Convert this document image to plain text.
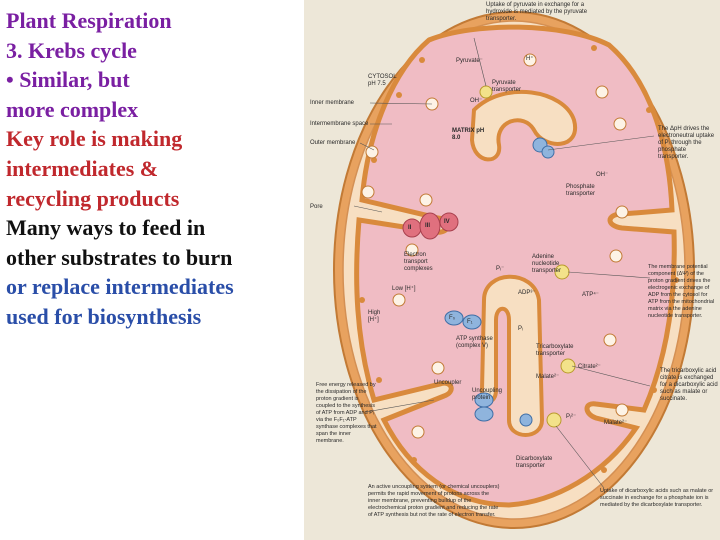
Plant Respiration
3. Krebs cycle
• Similar, but
more complex
Key role is making
intermediates &
recycling products
Many ways to feed in
other substrates to burn
or replace intermediates
used for biosynthesis
Uptake of pyruvate in exchange for a hydroxide is mediated by the pyruvate transporter.
CYTOSOL pH 7.5
Pyruvate⁻
Pyruvate transporter
OH⁻
Inner membrane
Intermembrane space
Outer membrane
MATRIX pH 8.0
The ΔpH drives the electroneutral uptake of Pᵢ through the phosphate transporter.
OH⁻
Phosphate transporter
Pore
Electron transport complexes	Pᵢ⁻
Adenine nucleotide transporter
The membrane potential component (ΔΨ) of the proton gradient drives the electrogenic exchange of ADP from the cytosol for ATP from the mitochondrial matrix via the adenine nucleotide transporter.
Low [H⁺]
ADP³⁻	ATP⁴⁻
High [H⁺]
Pᵢ
ATP synthase (complex V)	Tricarboxylate transporter
Malate²⁻
Citrate²⁻
The tricarboxylic acid citrate is exchanged for a dicarboxylic acid such as malate or succinate.
Free energy released by the dissipation of the proton gradient is coupled to the synthesis of ATP from ADP and Pᵢ via the F₀F₁-ATP synthase complexes that span the inner membrane.
Uncoupler
Uncoupling protein
Pᵢ²⁻
Malate²⁻
Dicarboxylate transporter
An active uncoupling system (or chemical uncouplers) permits the rapid movement of protons across the inner membrane, preventing buildup of the electrochemical proton gradient and reducing the rate of ATP synthesis but not the rate of electron transfer.
Uptake of dicarboxylic acids such as malate or succinate in exchange for a phosphate ion is mediated by the dicarboxylate transporter.
H⁺
F₀
F₁
II III
IV
